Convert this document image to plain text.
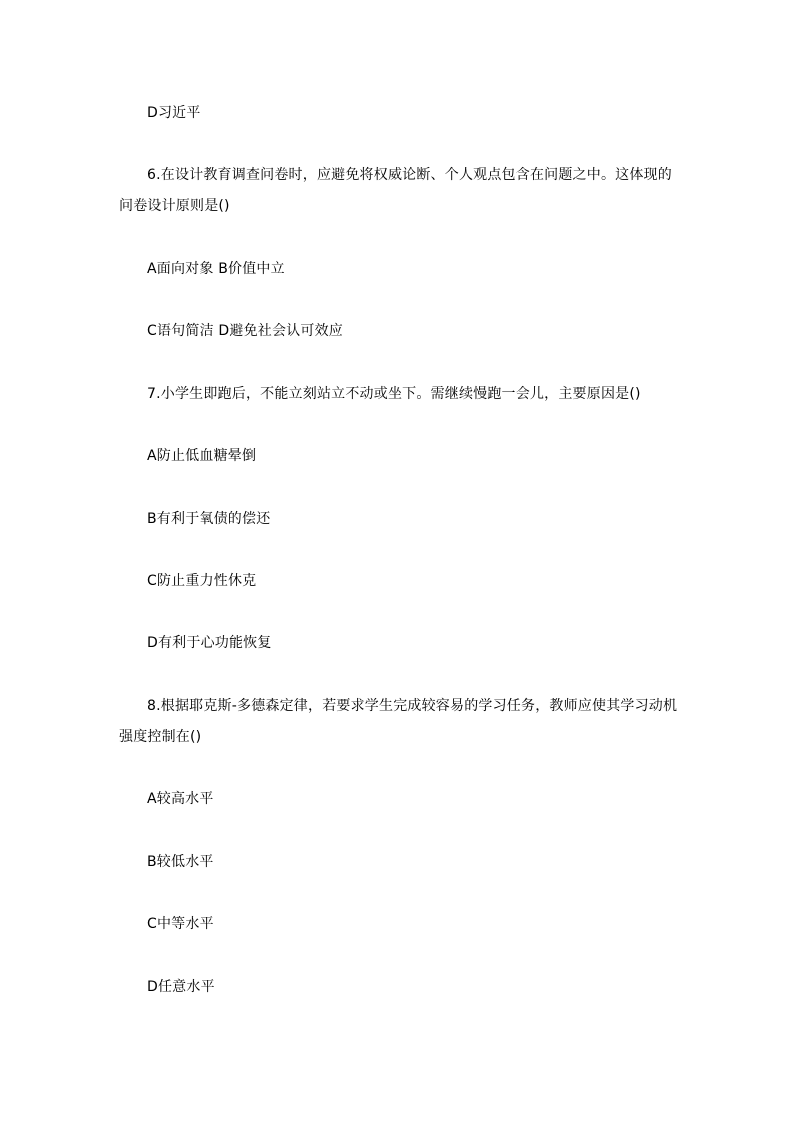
D习近平
6.在设计教育调查问卷时，应避免将权威论断、个人观点包含在问题之中。这体现的
问卷设计原则是()
A面向对象 B价值中立
C语句简洁 D避免社会认可效应
7.小学生即跑后，不能立刻站立不动或坐下。需继续慢跑一会儿，主要原因是()
A防止低血糖晕倒
B有利于氧债的偿还
C防止重力性休克
D有利于心功能恢复
8.根据耶克斯-多德森定律，若要求学生完成较容易的学习任务，教师应使其学习动机
强度控制在()
A较高水平
B较低水平
C中等水平
D任意水平
